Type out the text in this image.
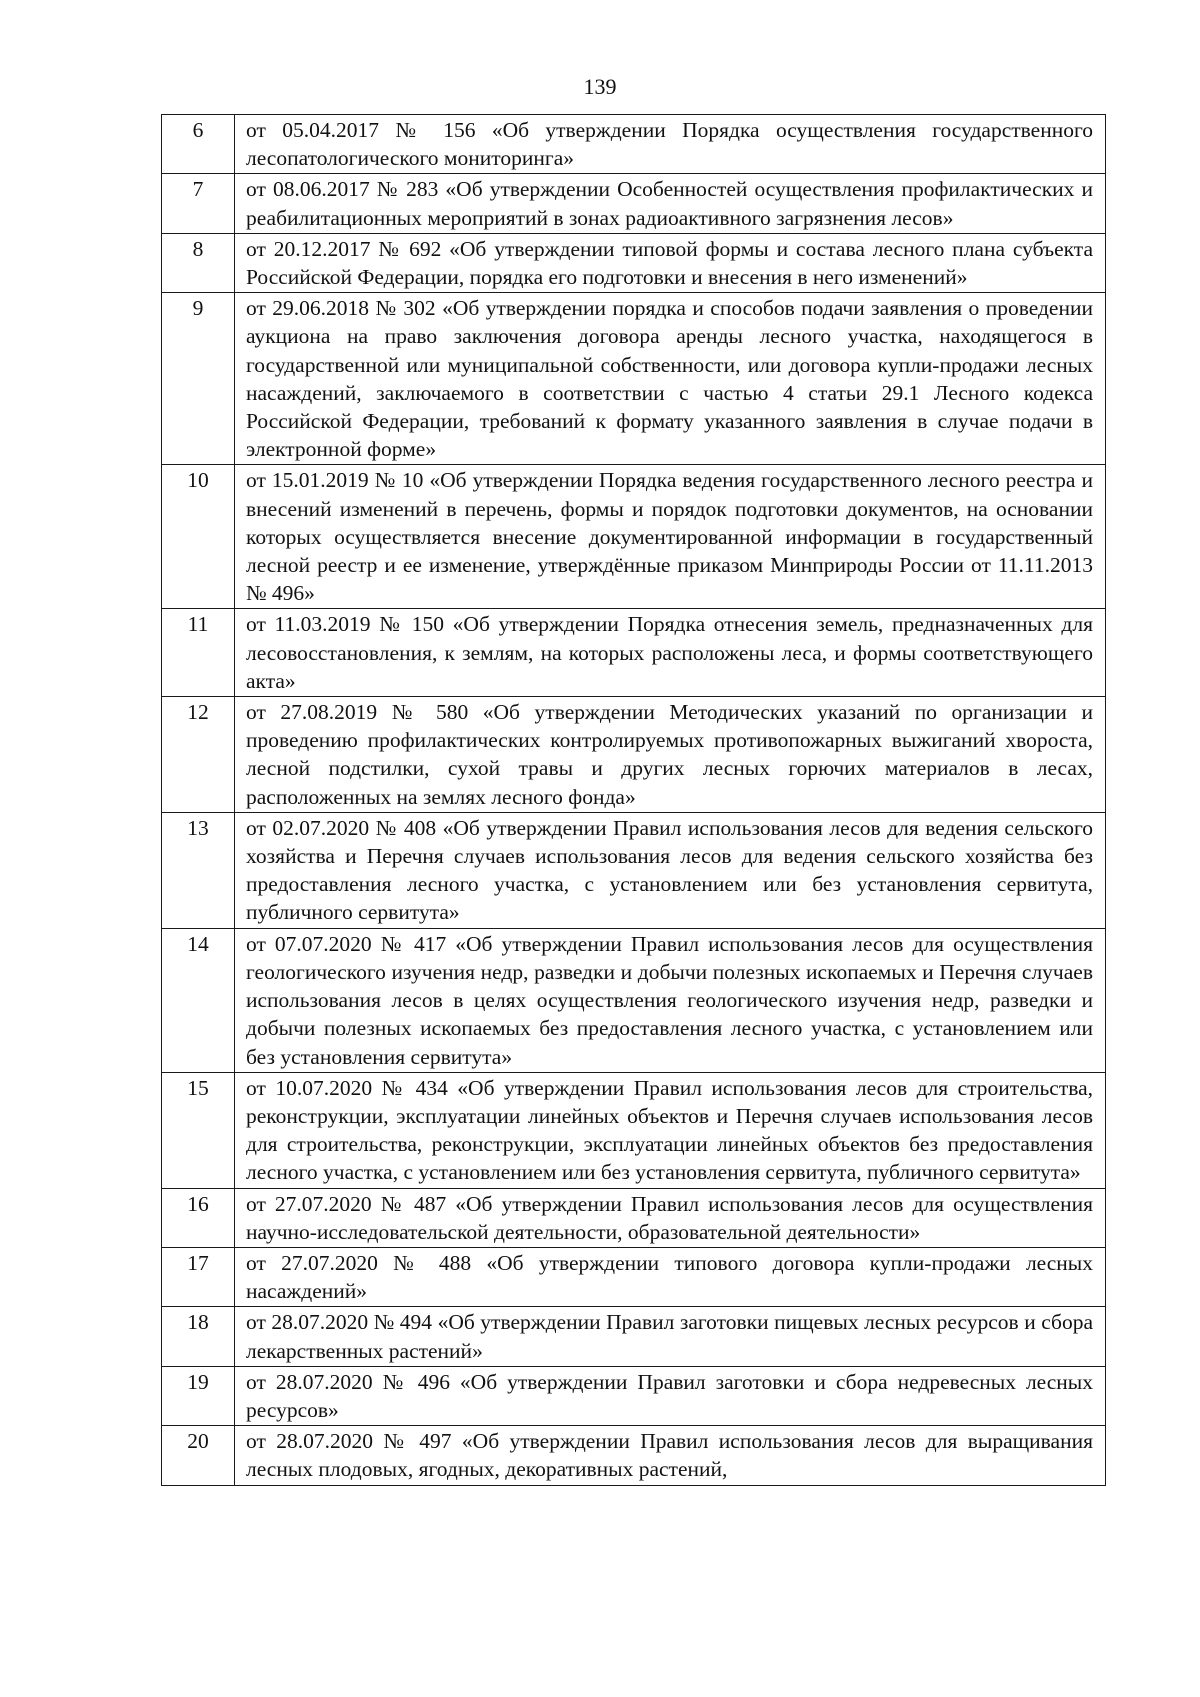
139
6	от 05.04.2017 № 156 «Об утверждении Порядка осуществления государственного лесопатологического мониторинга»
7	от 08.06.2017 № 283 «Об утверждении Особенностей осуществления профилактических и реабилитационных мероприятий в зонах радиоактивного загрязнения лесов»
8	от 20.12.2017 № 692 «Об утверждении типовой формы и состава лесного плана субъекта Российской Федерации, порядка его подготовки и внесения в него изменений»
9	от 29.06.2018 № 302 «Об утверждении порядка и способов подачи заявления о проведении аукциона на право заключения договора аренды лесного участка, находящегося в государственной или муниципальной собственности, или договора купли-продажи лесных насаждений, заключаемого в соответствии с частью 4 статьи 29.1 Лесного кодекса Российской Федерации, требований к формату указанного заявления в случае подачи в электронной форме»
10	от 15.01.2019 № 10 «Об утверждении Порядка ведения государственного лесного реестра и внесений изменений в перечень, формы и порядок подготовки документов, на основании которых осуществляется внесение документированной информации в государственный лесной реестр и ее изменение, утверждённые приказом Минприроды России от 11.11.2013 № 496»
11	от 11.03.2019 № 150 «Об утверждении Порядка отнесения земель, предназначенных для лесовосстановления, к землям, на которых расположены леса, и формы соответствующего акта»
12	от 27.08.2019 № 580 «Об утверждении Методических указаний по организации и проведению профилактических контролируемых противопожарных выжиганий хвороста, лесной подстилки, сухой травы и других лесных горючих материалов в лесах, расположенных на землях лесного фонда»
13	от 02.07.2020 № 408 «Об утверждении Правил использования лесов для ведения сельского хозяйства и Перечня случаев использования лесов для ведения сельского хозяйства без предоставления лесного участка, с установлением или без установления сервитута, публичного сервитута»
14	от 07.07.2020 № 417 «Об утверждении Правил использования лесов для осуществления геологического изучения недр, разведки и добычи полезных ископаемых и Перечня случаев использования лесов в целях осуществления геологического изучения недр, разведки и добычи полезных ископаемых без предоставления лесного участка, с установлением или без установления сервитута»
15	от 10.07.2020 № 434 «Об утверждении Правил использования лесов для строительства, реконструкции, эксплуатации линейных объектов и Перечня случаев использования лесов для строительства, реконструкции, эксплуатации линейных объектов без предоставления лесного участка, с установлением или без установления сервитута, публичного сервитута»
16	от 27.07.2020 № 487 «Об утверждении Правил использования лесов для осуществления научно-исследовательской деятельности, образовательной деятельности»
17	от 27.07.2020 № 488 «Об утверждении типового договора купли-продажи лесных насаждений»
18	от 28.07.2020 № 494 «Об утверждении Правил заготовки пищевых лесных ресурсов и сбора лекарственных растений»
19	от 28.07.2020 № 496 «Об утверждении Правил заготовки и сбора недревесных лесных ресурсов»
20	от 28.07.2020 № 497 «Об утверждении Правил использования лесов для выращивания лесных плодовых, ягодных, декоративных растений,
